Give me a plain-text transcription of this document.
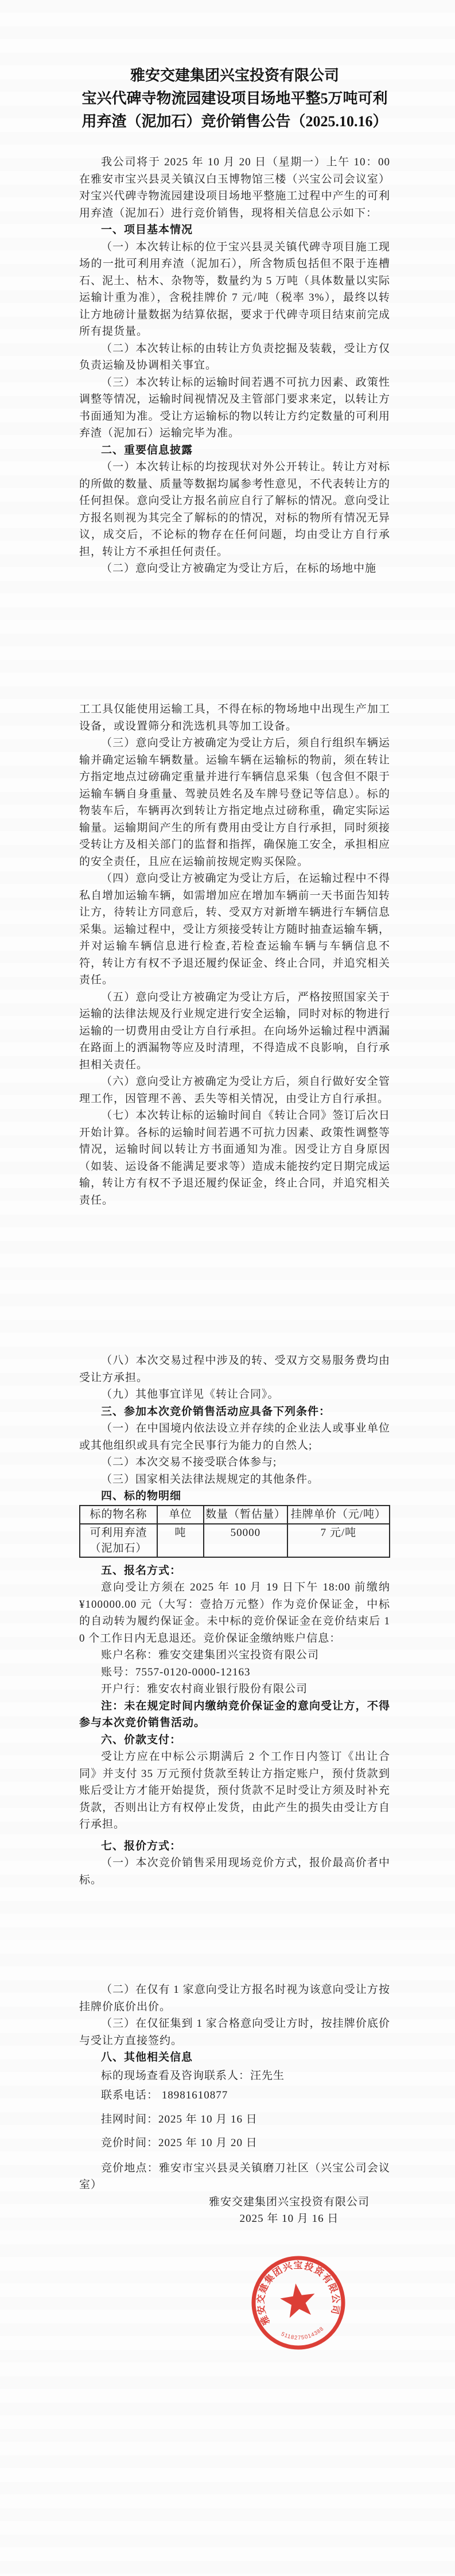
雅安交建集团兴宝投资有限公司
宝兴代碑寺物流园建设项目场地平整5万吨可利
用弃渣（泥加石）竞价销售公告（2025.10.16）

我公司将于 2025 年 10 月 20 日（星期一）上午 10：00 在雅安市宝兴县灵关镇汉白玉博物馆三楼（兴宝公司会议室）对宝兴代碑寺物流园建设项目场地平整施工过程中产生的可利用弃渣（泥加石）进行竞价销售，现将相关信息公示如下：

一、项目基本情况

（一）本次转让标的位于宝兴县灵关镇代碑寺项目施工现场的一批可利用弃渣（泥加石），所含物质包括但不限于连槽石、泥土、枯木、杂物等，数量约为 5 万吨（具体数量以实际运输计重为准），含税挂牌价 7 元/吨（税率 3%），最终以转让方地磅计量数据为结算依据，要求于代碑寺项目结束前完成所有提货量。

（二）本次转让标的由转让方负责挖掘及装载，受让方仅负责运输及协调相关事宜。

（三）本次转让标的运输时间若遇不可抗力因素、政策性调整等情况，运输时间视情况及主管部门要求来定，以转让方书面通知为准。受让方运输标的物以转让方约定数量的可利用弃渣（泥加石）运输完毕为准。

二、重要信息披露

（一）本次转让标的均按现状对外公开转让。转让方对标的所做的数量、质量等数据均属参考性意见，不代表转让方的任何担保。意向受让方报名前应自行了解标的情况。意向受让方报名则视为其完全了解标的的情况，对标的物所有情况无异议，成交后，不论标的物存在任何问题，均由受让方自行承担，转让方不承担任何责任。

（二）意向受让方被确定为受让方后，在标的场地中施

工工具仅能使用运输工具，不得在标的物场地中出现生产加工设备，或设置筛分和洗选机具等加工设备。

（三）意向受让方被确定为受让方后，须自行组织车辆运输并确定运输车辆数量。运输车辆在运输标的物前，须在转让方指定地点过磅确定重量并进行车辆信息采集（包含但不限于运输车辆自身重量、驾驶员姓名及车牌号登记等信息）。标的物装车后，车辆再次到转让方指定地点过磅称重，确定实际运输量。运输期间产生的所有费用由受让方自行承担，同时须接受转让方及相关部门的监督和指挥，确保施工安全，承担相应的安全责任，且应在运输前按规定购买保险。

（四）意向受让方被确定为受让方后，在运输过程中不得私自增加运输车辆，如需增加应在增加车辆前一天书面告知转让方，待转让方同意后，转、受双方对新增车辆进行车辆信息采集。运输过程中，受让方须接受转让方随时抽查运输车辆，并对运输车辆信息进行检查,若检查运输车辆与车辆信息不符，转让方有权不予退还履约保证金、终止合同，并追究相关责任。

（五）意向受让方被确定为受让方后，严格按照国家关于运输的法律法规及行业规定进行安全运输，同时对标的物进行运输的一切费用由受让方自行承担。在向场外运输过程中洒漏在路面上的洒漏物等应及时清理，不得造成不良影响，自行承担相关责任。

（六）意向受让方被确定为受让方后，须自行做好安全管理工作，因管理不善、丢失等相关情况，由受让方自行承担。

（七）本次转让标的运输时间自《转让合同》签订后次日开始计算。各标的运输时间若遇不可抗力因素、政策性调整等情况，运输时间以转让方书面通知为准。因受让方自身原因（如装、运设备不能满足要求等）造成未能按约定日期完成运输，转让方有权不予退还履约保证金，终止合同，并追究相关责任。

（八）本次交易过程中涉及的转、受双方交易服务费均由受让方承担。

（九）其他事宜详见《转让合同》。

三、参加本次竞价销售活动应具备下列条件：

（一）在中国境内依法设立并存续的企业法人或事业单位或其他组织或具有完全民事行为能力的自然人;

（二）本次交易不接受联合体参与;

（三）国家相关法律法规规定的其他条件。

四、标的物明细

标的物名称	单位	数量（暂估量）	挂牌单价（元/吨）
可利用弃渣（泥加石）	吨	50000	7 元/吨

五、报名方式：

意向受让方须在 2025 年 10 月 19 日下午 18:00 前缴纳 ¥100000.00 元（大写：壹拾万元整）作为竞价保证金，中标的自动转为履约保证金。未中标的竞价保证金在竞价结束后 10 个工作日内无息退还。竞价保证金缴纳账户信息：

账户名称：雅安交建集团兴宝投资有限公司

账号：7557-0120-0000-12163

开户行：雅安农村商业银行股份有限公司

注：未在规定时间内缴纳竞价保证金的意向受让方，不得参与本次竞价销售活动。

六、价款支付：

受让方应在中标公示期满后 2 个工作日内签订《出让合同》并支付 35 万元预付货款至转让方指定账户，预付货款到账后受让方才能开始提货，预付货款不足时受让方须及时补充货款，否则出让方有权停止发货，由此产生的损失由受让方自行承担。

七、报价方式：

（一）本次竞价销售采用现场竞价方式，报价最高价者中标。

（二）在仅有 1 家意向受让方报名时视为该意向受让方按挂牌价底价出价。

（三）在仅征集到 1 家合格意向受让方时，按挂牌价底价与受让方直接签约。

八、其他相关信息

标的现场查看及咨询联系人：汪先生

联系电话： 18981610877

挂网时间：2025 年 10 月 16 日

竞价时间：2025 年 10 月 20 日

竞价地点：雅安市宝兴县灵关镇磨刀社区（兴宝公司会议室）

雅安交建集团兴宝投资有限公司

2025 年 10 月 16 日

雅安交建集团兴宝投资有限公司
5118275014388
